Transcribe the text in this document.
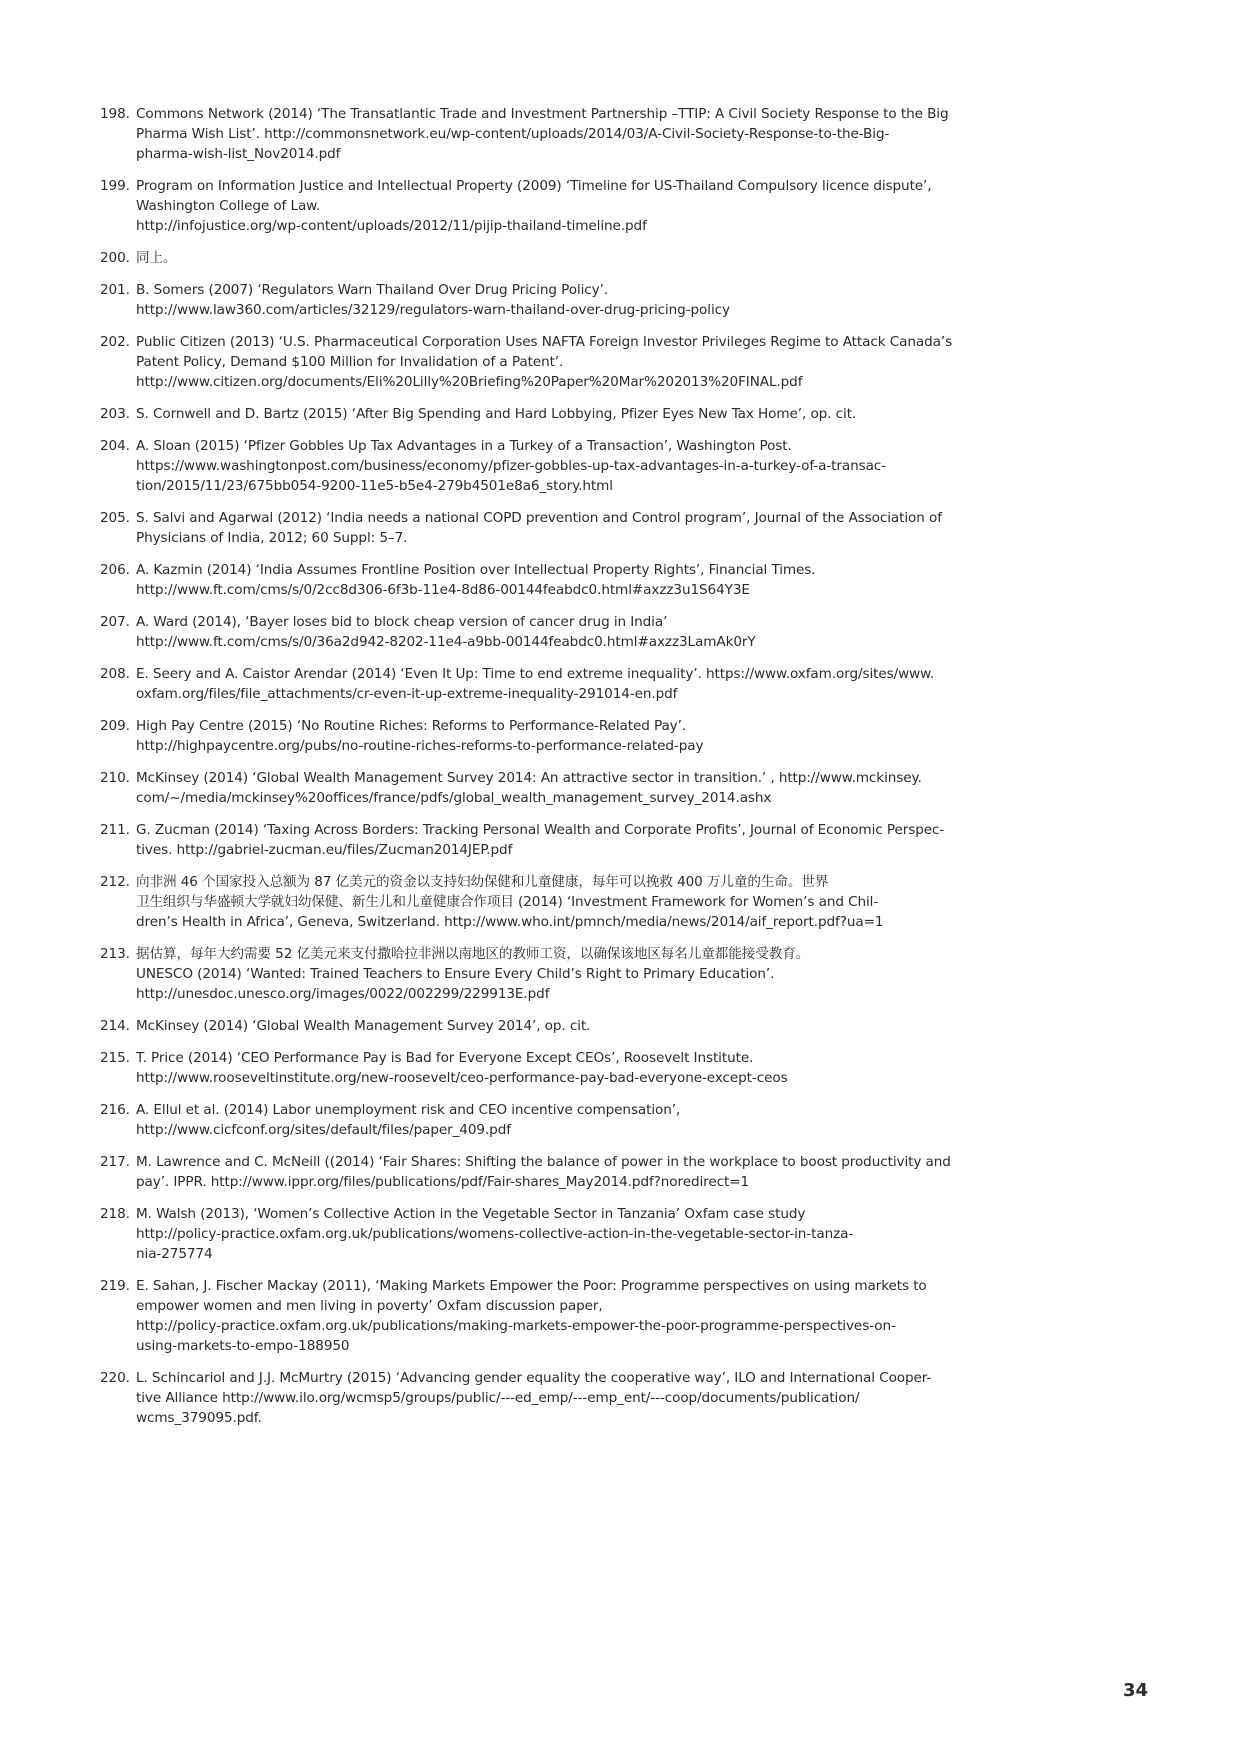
198. Commons Network (2014) ‘The Transatlantic Trade and Investment Partnership –TTIP: A Civil Society Response to the Big
Pharma Wish List’. http://commonsnetwork.eu/wp-content/uploads/2014/03/A-Civil-Society-Response-to-the-Big-
pharma-wish-list_Nov2014.pdf
199. Program on Information Justice and Intellectual Property (2009) ‘Timeline for US-Thailand Compulsory licence dispute’,
Washington College of Law.
http://infojustice.org/wp-content/uploads/2012/11/pijip-thailand-timeline.pdf
200. 同上。
201. B. Somers (2007) ‘Regulators Warn Thailand Over Drug Pricing Policy’.
http://www.law360.com/articles/32129/regulators-warn-thailand-over-drug-pricing-policy
202. Public Citizen (2013) ‘U.S. Pharmaceutical Corporation Uses NAFTA Foreign Investor Privileges Regime to Attack Canada’s
Patent Policy, Demand $100 Million for Invalidation of a Patent’.
http://www.citizen.org/documents/Eli%20Lilly%20Briefing%20Paper%20Mar%202013%20FINAL.pdf
203. S. Cornwell and D. Bartz (2015) ‘After Big Spending and Hard Lobbying, Pfizer Eyes New Tax Home’, op. cit.
204. A. Sloan (2015) ‘Pfizer Gobbles Up Tax Advantages in a Turkey of a Transaction’, Washington Post.
https://www.washingtonpost.com/business/economy/pfizer-gobbles-up-tax-advantages-in-a-turkey-of-a-transac-
tion/2015/11/23/675bb054-9200-11e5-b5e4-279b4501e8a6_story.html
205. S. Salvi and Agarwal (2012) ‘India needs a national COPD prevention and Control program’, Journal of the Association of
Physicians of India, 2012; 60 Suppl: 5–7.
206. A. Kazmin (2014) ‘India Assumes Frontline Position over Intellectual Property Rights’, Financial Times.
http://www.ft.com/cms/s/0/2cc8d306-6f3b-11e4-8d86-00144feabdc0.html#axzz3u1S64Y3E
207. A. Ward (2014), ‘Bayer loses bid to block cheap version of cancer drug in India’
http://www.ft.com/cms/s/0/36a2d942-8202-11e4-a9bb-00144feabdc0.html#axzz3LamAk0rY
208. E. Seery and A. Caistor Arendar (2014) ‘Even It Up: Time to end extreme inequality’. https://www.oxfam.org/sites/www.
oxfam.org/files/file_attachments/cr-even-it-up-extreme-inequality-291014-en.pdf
209. High Pay Centre (2015) ‘No Routine Riches: Reforms to Performance-Related Pay’.
http://highpaycentre.org/pubs/no-routine-riches-reforms-to-performance-related-pay
210. McKinsey (2014) ‘Global Wealth Management Survey 2014: An attractive sector in transition.’ , http://www.mckinsey.
com/~/media/mckinsey%20offices/france/pdfs/global_wealth_management_survey_2014.ashx
211. G. Zucman (2014) ‘Taxing Across Borders: Tracking Personal Wealth and Corporate Profits’, Journal of Economic Perspec-
tives. http://gabriel-zucman.eu/files/Zucman2014JEP.pdf
212. 向非洲 46 个国家投入总额为 87 亿美元的资金以支持妇幼保健和儿童健康，每年可以挽救 400 万儿童的生命。世界
卫生组织与华盛顿大学就妇幼保健、新生儿和儿童健康合作项目 (2014) ‘Investment Framework for Women’s and Chil-
dren’s Health in Africa’, Geneva, Switzerland. http://www.who.int/pmnch/media/news/2014/aif_report.pdf?ua=1
213. 据估算，每年大约需要 52 亿美元来支付撒哈拉非洲以南地区的教师工资，以确保该地区每名儿童都能接受教育。
UNESCO (2014) ‘Wanted: Trained Teachers to Ensure Every Child’s Right to Primary Education’.
http://unesdoc.unesco.org/images/0022/002299/229913E.pdf
214. McKinsey (2014) ‘Global Wealth Management Survey 2014’, op. cit.
215. T. Price (2014) ‘CEO Performance Pay is Bad for Everyone Except CEOs’, Roosevelt Institute.
http://www.rooseveltinstitute.org/new-roosevelt/ceo-performance-pay-bad-everyone-except-ceos
216. A. Ellul et al. (2014) Labor unemployment risk and CEO incentive compensation’,
http://www.cicfconf.org/sites/default/files/paper_409.pdf
217. M. Lawrence and C. McNeill ((2014) ‘Fair Shares: Shifting the balance of power in the workplace to boost productivity and
pay’. IPPR. http://www.ippr.org/files/publications/pdf/Fair-shares_May2014.pdf?noredirect=1
218. M. Walsh (2013), ‘Women’s Collective Action in the Vegetable Sector in Tanzania’ Oxfam case study
http://policy-practice.oxfam.org.uk/publications/womens-collective-action-in-the-vegetable-sector-in-tanza-
nia-275774
219. E. Sahan, J. Fischer Mackay (2011), ‘Making Markets Empower the Poor: Programme perspectives on using markets to
empower women and men living in poverty’ Oxfam discussion paper,
http://policy-practice.oxfam.org.uk/publications/making-markets-empower-the-poor-programme-perspectives-on-
using-markets-to-empo-188950
220. L. Schincariol and J.J. McMurtry (2015) ‘Advancing gender equality the cooperative way’, ILO and International Cooper-
tive Alliance http://www.ilo.org/wcmsp5/groups/public/---ed_emp/---emp_ent/---coop/documents/publication/
wcms_379095.pdf.
34
